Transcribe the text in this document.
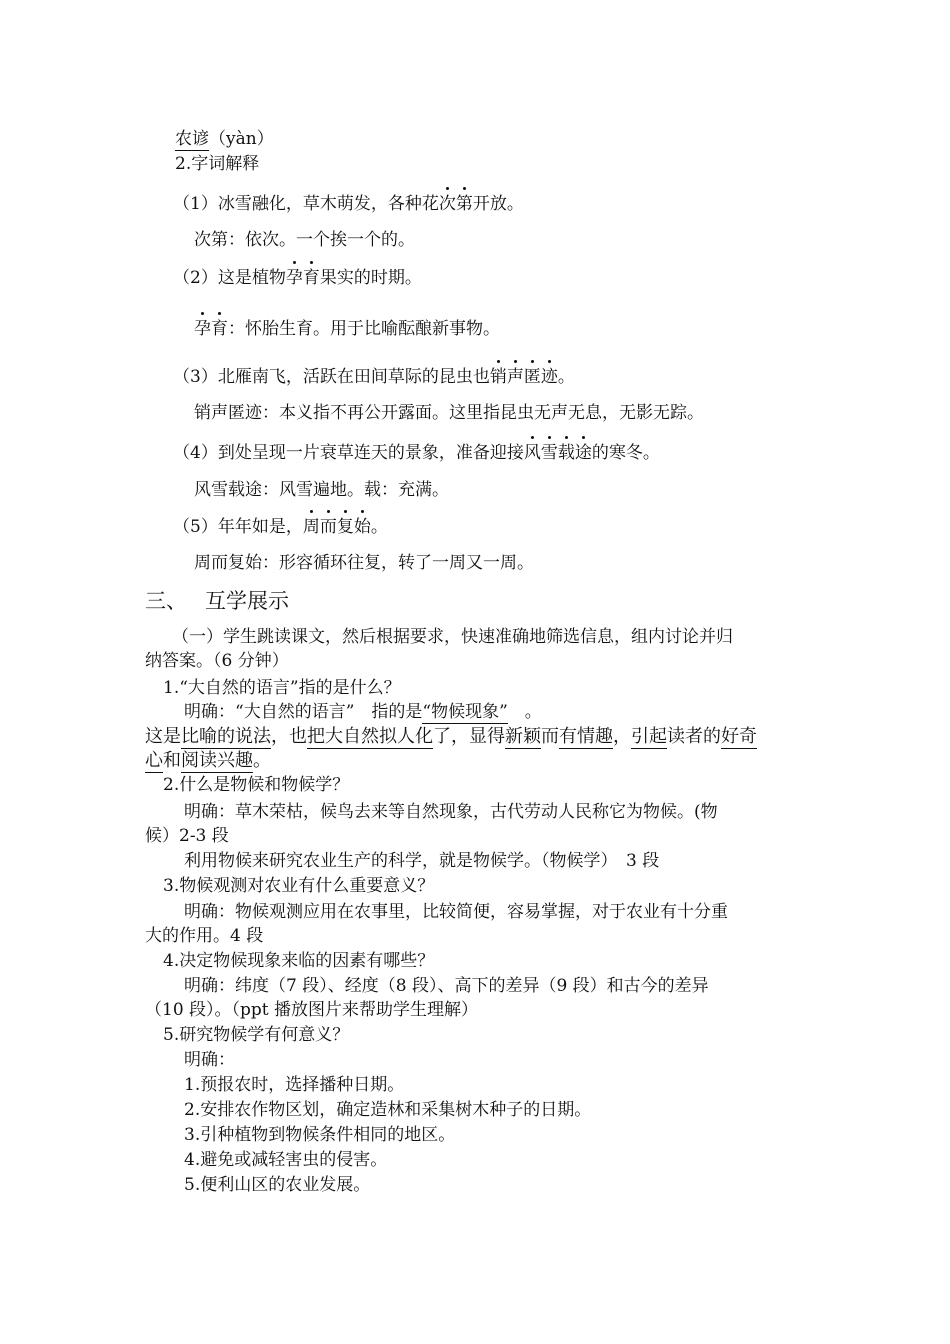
农谚（yàn）
2.字词解释
（1）冰雪融化，草木萌发，各种花次第开放。
次第：依次。一个挨一个的。
（2）这是植物孕育果实的时期。
孕育：怀胎生育。用于比喻酝酿新事物。
（3）北雁南飞，活跃在田间草际的昆虫也销声匿迹。
销声匿迹：本义指不再公开露面。这里指昆虫无声无息，无影无踪。
（4）到处呈现一片衰草连天的景象，准备迎接风雪载途的寒冬。
风雪载途：风雪遍地。载：充满。
（5）年年如是，周而复始。
周而复始：形容循环往复，转了一周又一周。
三、 互学展示
（一）学生跳读课文，然后根据要求，快速准确地筛选信息，组内讨论并归
纳答案。（6 分钟）
1.“大自然的语言”指的是什么？
明确：“大自然的语言”　指的是“物候现象”　。
这是比喻的说法，也把大自然拟人化了，显得新颖而有情趣，引起读者的好奇
心和阅读兴趣。
2.什么是物候和物候学？
明确：草木荣枯，候鸟去来等自然现象，古代劳动人民称它为物候。(物
候）2-3 段
利用物候来研究农业生产的科学，就是物候学。（物候学）　3 段
3.物候观测对农业有什么重要意义？
明确：物候观测应用在农事里，比较简便，容易掌握，对于农业有十分重
大的作用。4 段
4.决定物候现象来临的因素有哪些？
明确：纬度（7 段）、经度（8 段）、高下的差异（9 段）和古今的差异
（10 段）。（ppt 播放图片来帮助学生理解）
5.研究物候学有何意义？
明确：
1.预报农时，选择播种日期。
2.安排农作物区划，确定造林和采集树木种子的日期。
3.引种植物到物候条件相同的地区。
4.避免或减轻害虫的侵害。
5.便利山区的农业发展。
